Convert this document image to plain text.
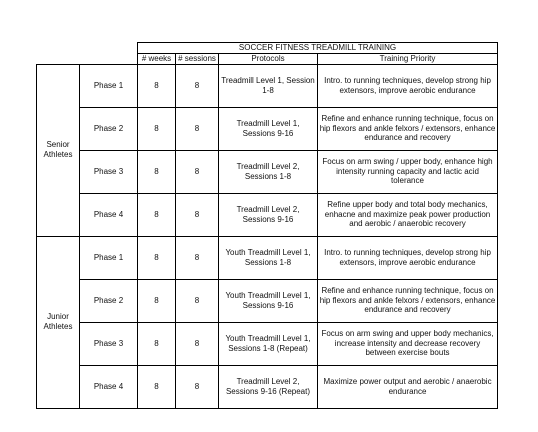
		SOCCER FITNESS TREADMILL TRAINING			
		# weeks	# sessions	Protocols	Training Priority
Senior Athletes	Phase 1	8	8	Treadmill Level 1, Session 1-8	Intro. to running techniques, develop strong hip extensors, improve aerobic endurance
	Phase 2	8	8	Treadmill Level 1, Sessions 9-16	Refine and enhance running technique, focus on hip flexors and ankle felxors / extensors, enhance endurance and recovery
	Phase 3	8	8	Treadmill Level 2, Sessions 1-8	Focus on arm swing / upper body, enhance high intensity running capacity and lactic acid tolerance
	Phase 4	8	8	Treadmill Level 2, Sessions 9-16	Refine upper body and total body mechanics, enhacne and maximize peak power production and aerobic / anaerobic recovery
Junior Athletes	Phase 1	8	8	Youth Treadmill Level 1, Sessions 1-8	Intro. to running techniques, develop strong hip extensors, improve aerobic endurance
	Phase 2	8	8	Youth Treadmill Level 1, Sessions 9-16	Refine and enhance running technique, focus on hip flexors and ankle felxors / extensors, enhance endurance and recovery
	Phase 3	8	8	Youth Treadmill Level 1, Sessions 1-8 (Repeat)	Focus on arm swing and upper body mechanics, increase intensity and decrease recovery between exercise bouts
	Phase 4	8	8	Treadmill Level 2, Sessions 9-16 (Repeat)	Maximize power output and aerobic / anaerobic endurance
